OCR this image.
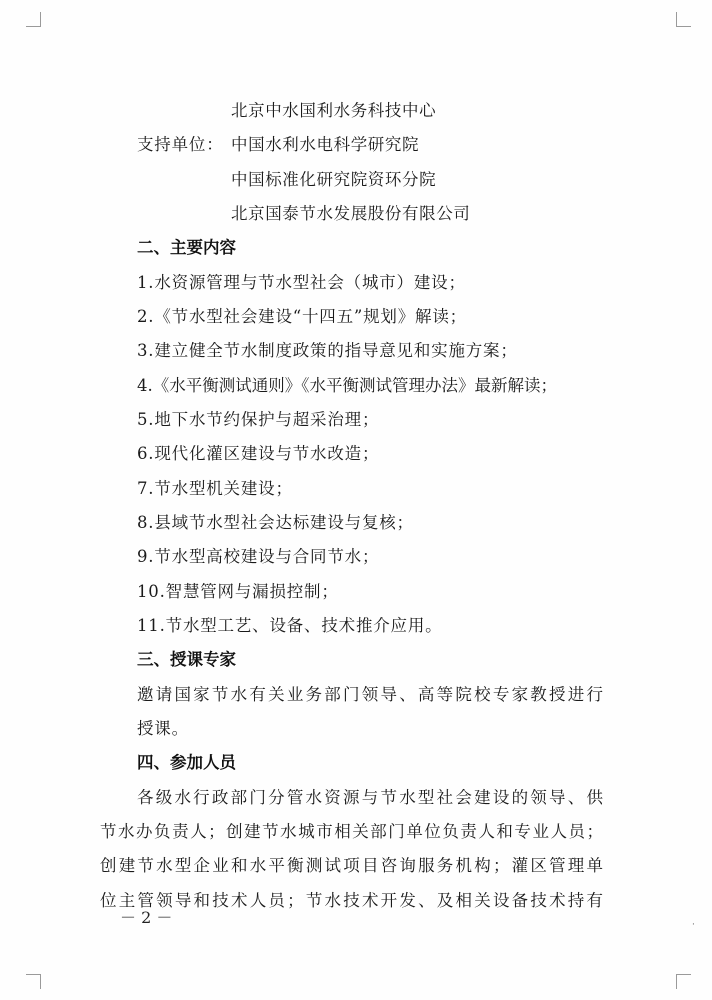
北京中水国利水务科技中心
支持单位： 中国水利水电科学研究院
中国标准化研究院资环分院
北京国泰节水发展股份有限公司
二、主要内容
1.水资源管理与节水型社会（城市）建设；
2.《节水型社会建设“十四五”规划》解读；
3.建立健全节水制度政策的指导意见和实施方案；
4.《水平衡测试通则》《水平衡测试管理办法》最新解读；
5.地下水节约保护与超采治理；
6.现代化灌区建设与节水改造；
7.节水型机关建设；
8.县域节水型社会达标建设与复核；
9.节水型高校建设与合同节水；
10.智慧管网与漏损控制；
11.节水型工艺、设备、技术推介应用。
三、授课专家
邀请国家节水有关业务部门领导、高等院校专家教授进行
授课。
四、参加人员
各级水行政部门分管水资源与节水型社会建设的领导、供
节水办负责人；创建节水城市相关部门单位负责人和专业人员；
创建节水型企业和水平衡测试项目咨询服务机构；灌区管理单
位主管领导和技术人员；节水技术开发、及相关设备技术持有
－ 2 －	·
